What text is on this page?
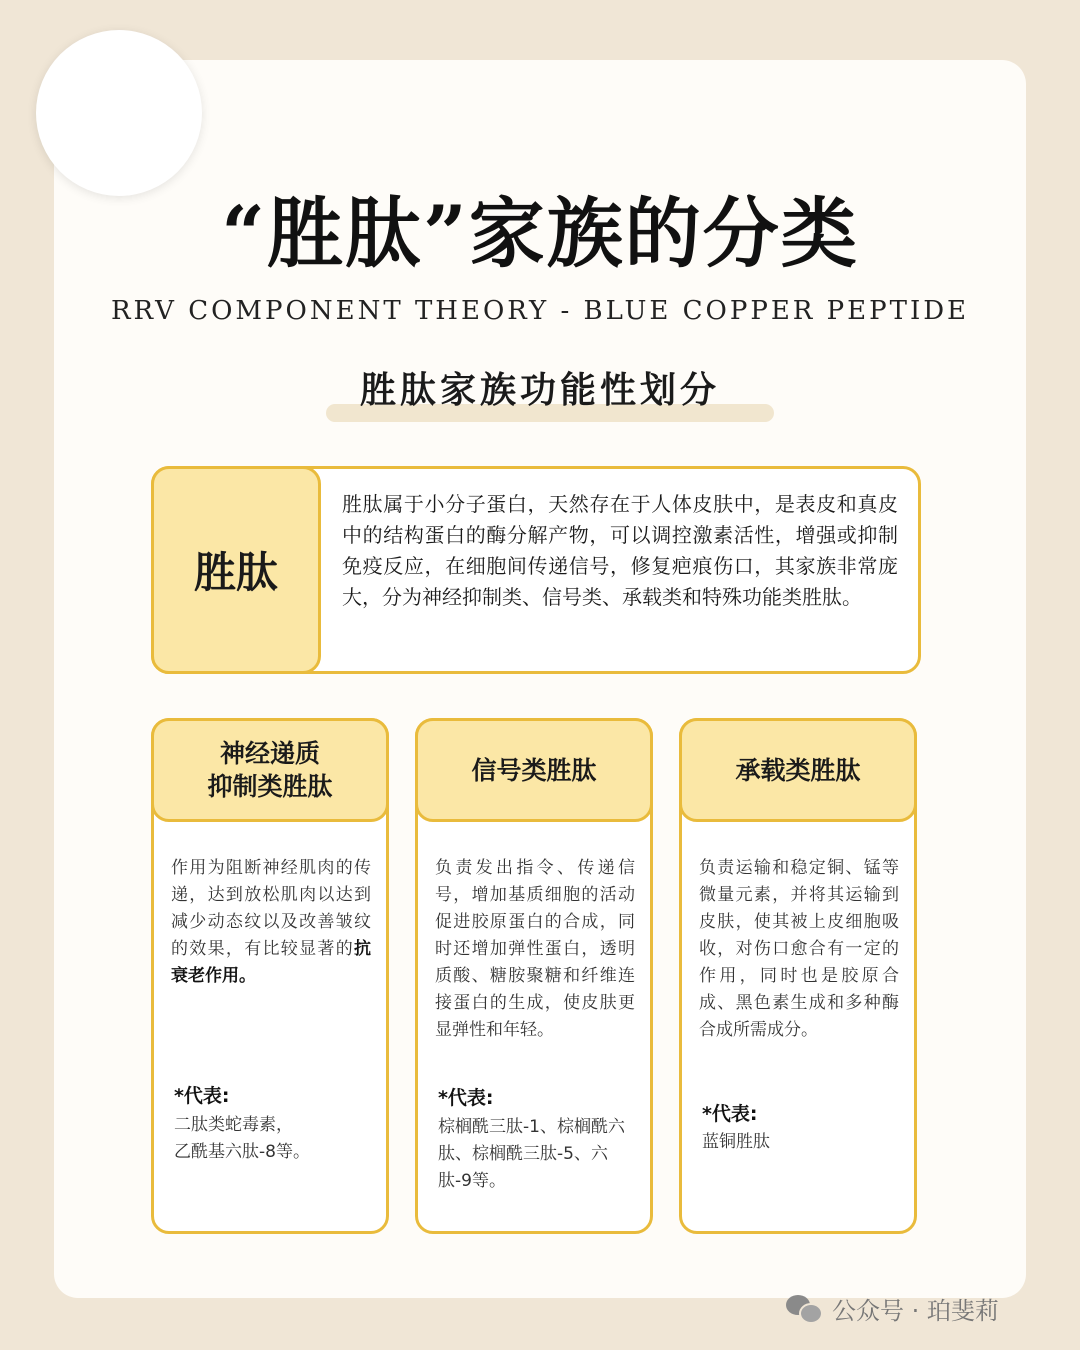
“胜肽”家族的分类
RRV COMPONENT THEORY - BLUE COPPER PEPTIDE
胜肽家族功能性划分
胜肽
胜肽属于小分子蛋白，天然存在于人体皮肤中，是表皮和真皮中的结构蛋白的酶分解产物，可以调控激素活性，增强或抑制免疫反应，在细胞间传递信号，修复疤痕伤口，其家族非常庞大，分为神经抑制类、信号类、承载类和特殊功能类胜肽。
神经递质
抑制类胜肽
作用为阻断神经肌肉的传递，达到放松肌肉以达到减少动态纹以及改善皱纹的效果，有比较显著的抗衰老作用。
*代表:
二肽类蛇毒素，
乙酰基六肽-8等。
信号类胜肽
负责发出指令、传递信号，增加基质细胞的活动促进胶原蛋白的合成，同时还增加弹性蛋白，透明质酸、糖胺聚糖和纤维连接蛋白的生成，使皮肤更显弹性和年轻。
*代表:
棕榈酰三肽-1、棕榈酰六肽、棕榈酰三肽-5、六肽-9等。
承载类胜肽
负责运输和稳定铜、锰等微量元素，并将其运输到皮肤，使其被上皮细胞吸收，对伤口愈合有一定的作用，同时也是胶原合成、黑色素生成和多种酶合成所需成分。
*代表:
蓝铜胜肽
公众号 · 珀斐莉
